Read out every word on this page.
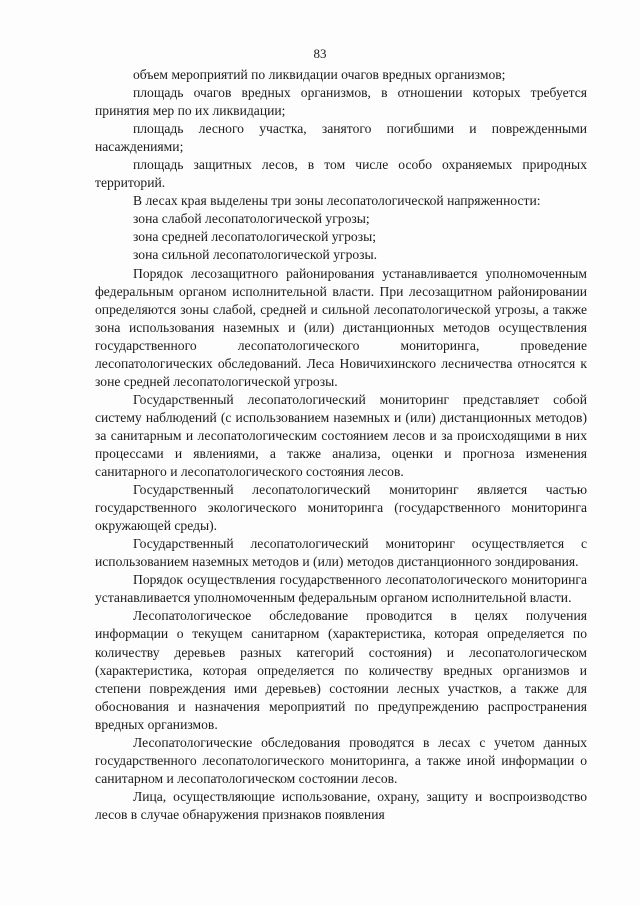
83

объем мероприятий по ликвидации очагов вредных организмов;

площадь очагов вредных организмов, в отношении которых требуется принятия мер по их ликвидации;

площадь лесного участка, занятого погибшими и поврежденными насаждениями;

площадь защитных лесов, в том числе особо охраняемых природных территорий.

В лесах края выделены три зоны лесопатологической напряженности:

зона слабой лесопатологической угрозы;

зона средней лесопатологической угрозы;

зона сильной лесопатологической угрозы.

Порядок лесозащитного районирования устанавливается уполномоченным федеральным органом исполнительной власти. При лесозащитном районировании определяются зоны слабой, средней и сильной лесопатологической угрозы, а также зона использования наземных и (или) дистанционных методов осуществления государственного лесопатологического мониторинга, проведение лесопатологических обследований. Леса Новичихинского лесничества относятся к зоне средней лесопатологической угрозы.

Государственный лесопатологический мониторинг представляет собой систему наблюдений (с использованием наземных и (или) дистанционных методов) за санитарным и лесопатологическим состоянием лесов и за происходящими в них процессами и явлениями, а также анализа, оценки и прогноза изменения санитарного и лесопатологического состояния лесов.

Государственный лесопатологический мониторинг является частью государственного экологического мониторинга (государственного мониторинга окружающей среды).

Государственный лесопатологический мониторинг осуществляется с использованием наземных методов и (или) методов дистанционного зондирования.

Порядок осуществления государственного лесопатологического мониторинга устанавливается уполномоченным федеральным органом исполнительной власти.

Лесопатологическое обследование проводится в целях получения информации о текущем санитарном (характеристика, которая определяется по количеству деревьев разных категорий состояния) и лесопатологическом (характеристика, которая определяется по количеству вредных организмов и степени повреждения ими деревьев) состоянии лесных участков, а также для обоснования и назначения мероприятий по предупреждению распространения вредных организмов.

Лесопатологические обследования проводятся в лесах с учетом данных государственного лесопатологического мониторинга, а также иной информации о санитарном и лесопатологическом состоянии лесов.

Лица, осуществляющие использование, охрану, защиту и воспроизводство лесов в случае обнаружения признаков появления
